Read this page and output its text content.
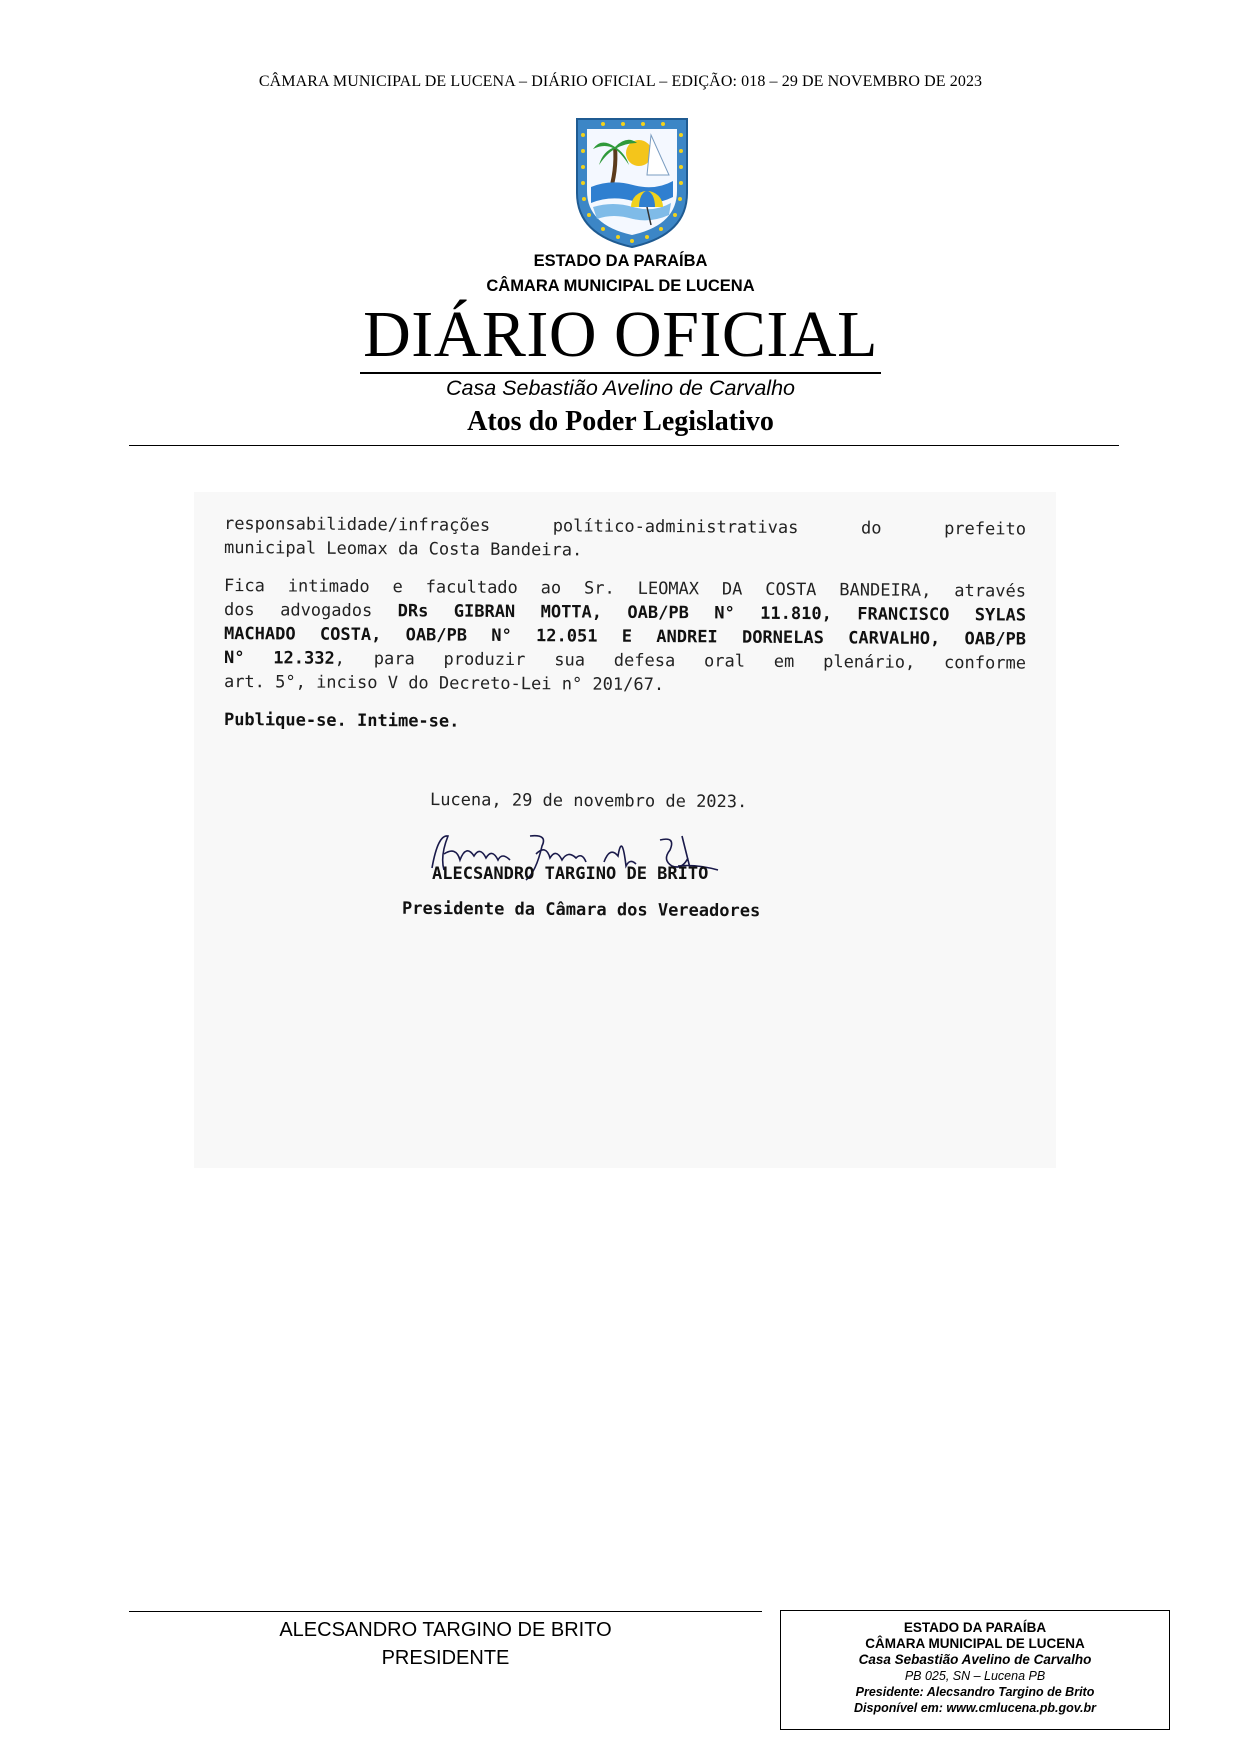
CÂMARA MUNICIPAL DE LUCENA – DIÁRIO OFICIAL – EDIÇÃO: 018 – 29 DE NOVEMBRO DE 2023
ESTADO DA PARAÍBA
CÂMARA MUNICIPAL DE LUCENA
DIÁRIO OFICIAL
Casa Sebastião Avelino de Carvalho
Atos do Poder Legislativo
responsabilidade/infrações político-administrativas do prefeito
municipal Leomax da Costa Bandeira.
Fica intimado e facultado ao Sr. LEOMAX DA COSTA BANDEIRA, através
dos advogados DRs GIBRAN MOTTA, OAB/PB N° 11.810, FRANCISCO SYLAS
MACHADO COSTA, OAB/PB N° 12.051 E ANDREI DORNELAS CARVALHO, OAB/PB
N° 12.332, para produzir sua defesa oral em plenário, conforme
art. 5°, inciso V do Decreto-Lei n° 201/67.
Publique-se. Intime-se.
Lucena, 29 de novembro de 2023.
ALECSANDRO TARGINO DE BRITO
Presidente da Câmara dos Vereadores
ALECSANDRO TARGINO DE BRITO
PRESIDENTE
ESTADO DA PARAÍBA
CÂMARA MUNICIPAL DE LUCENA
Casa Sebastião Avelino de Carvalho
PB 025, SN – Lucena PB
Presidente: Alecsandro Targino de Brito
Disponível em: www.cmlucena.pb.gov.br
